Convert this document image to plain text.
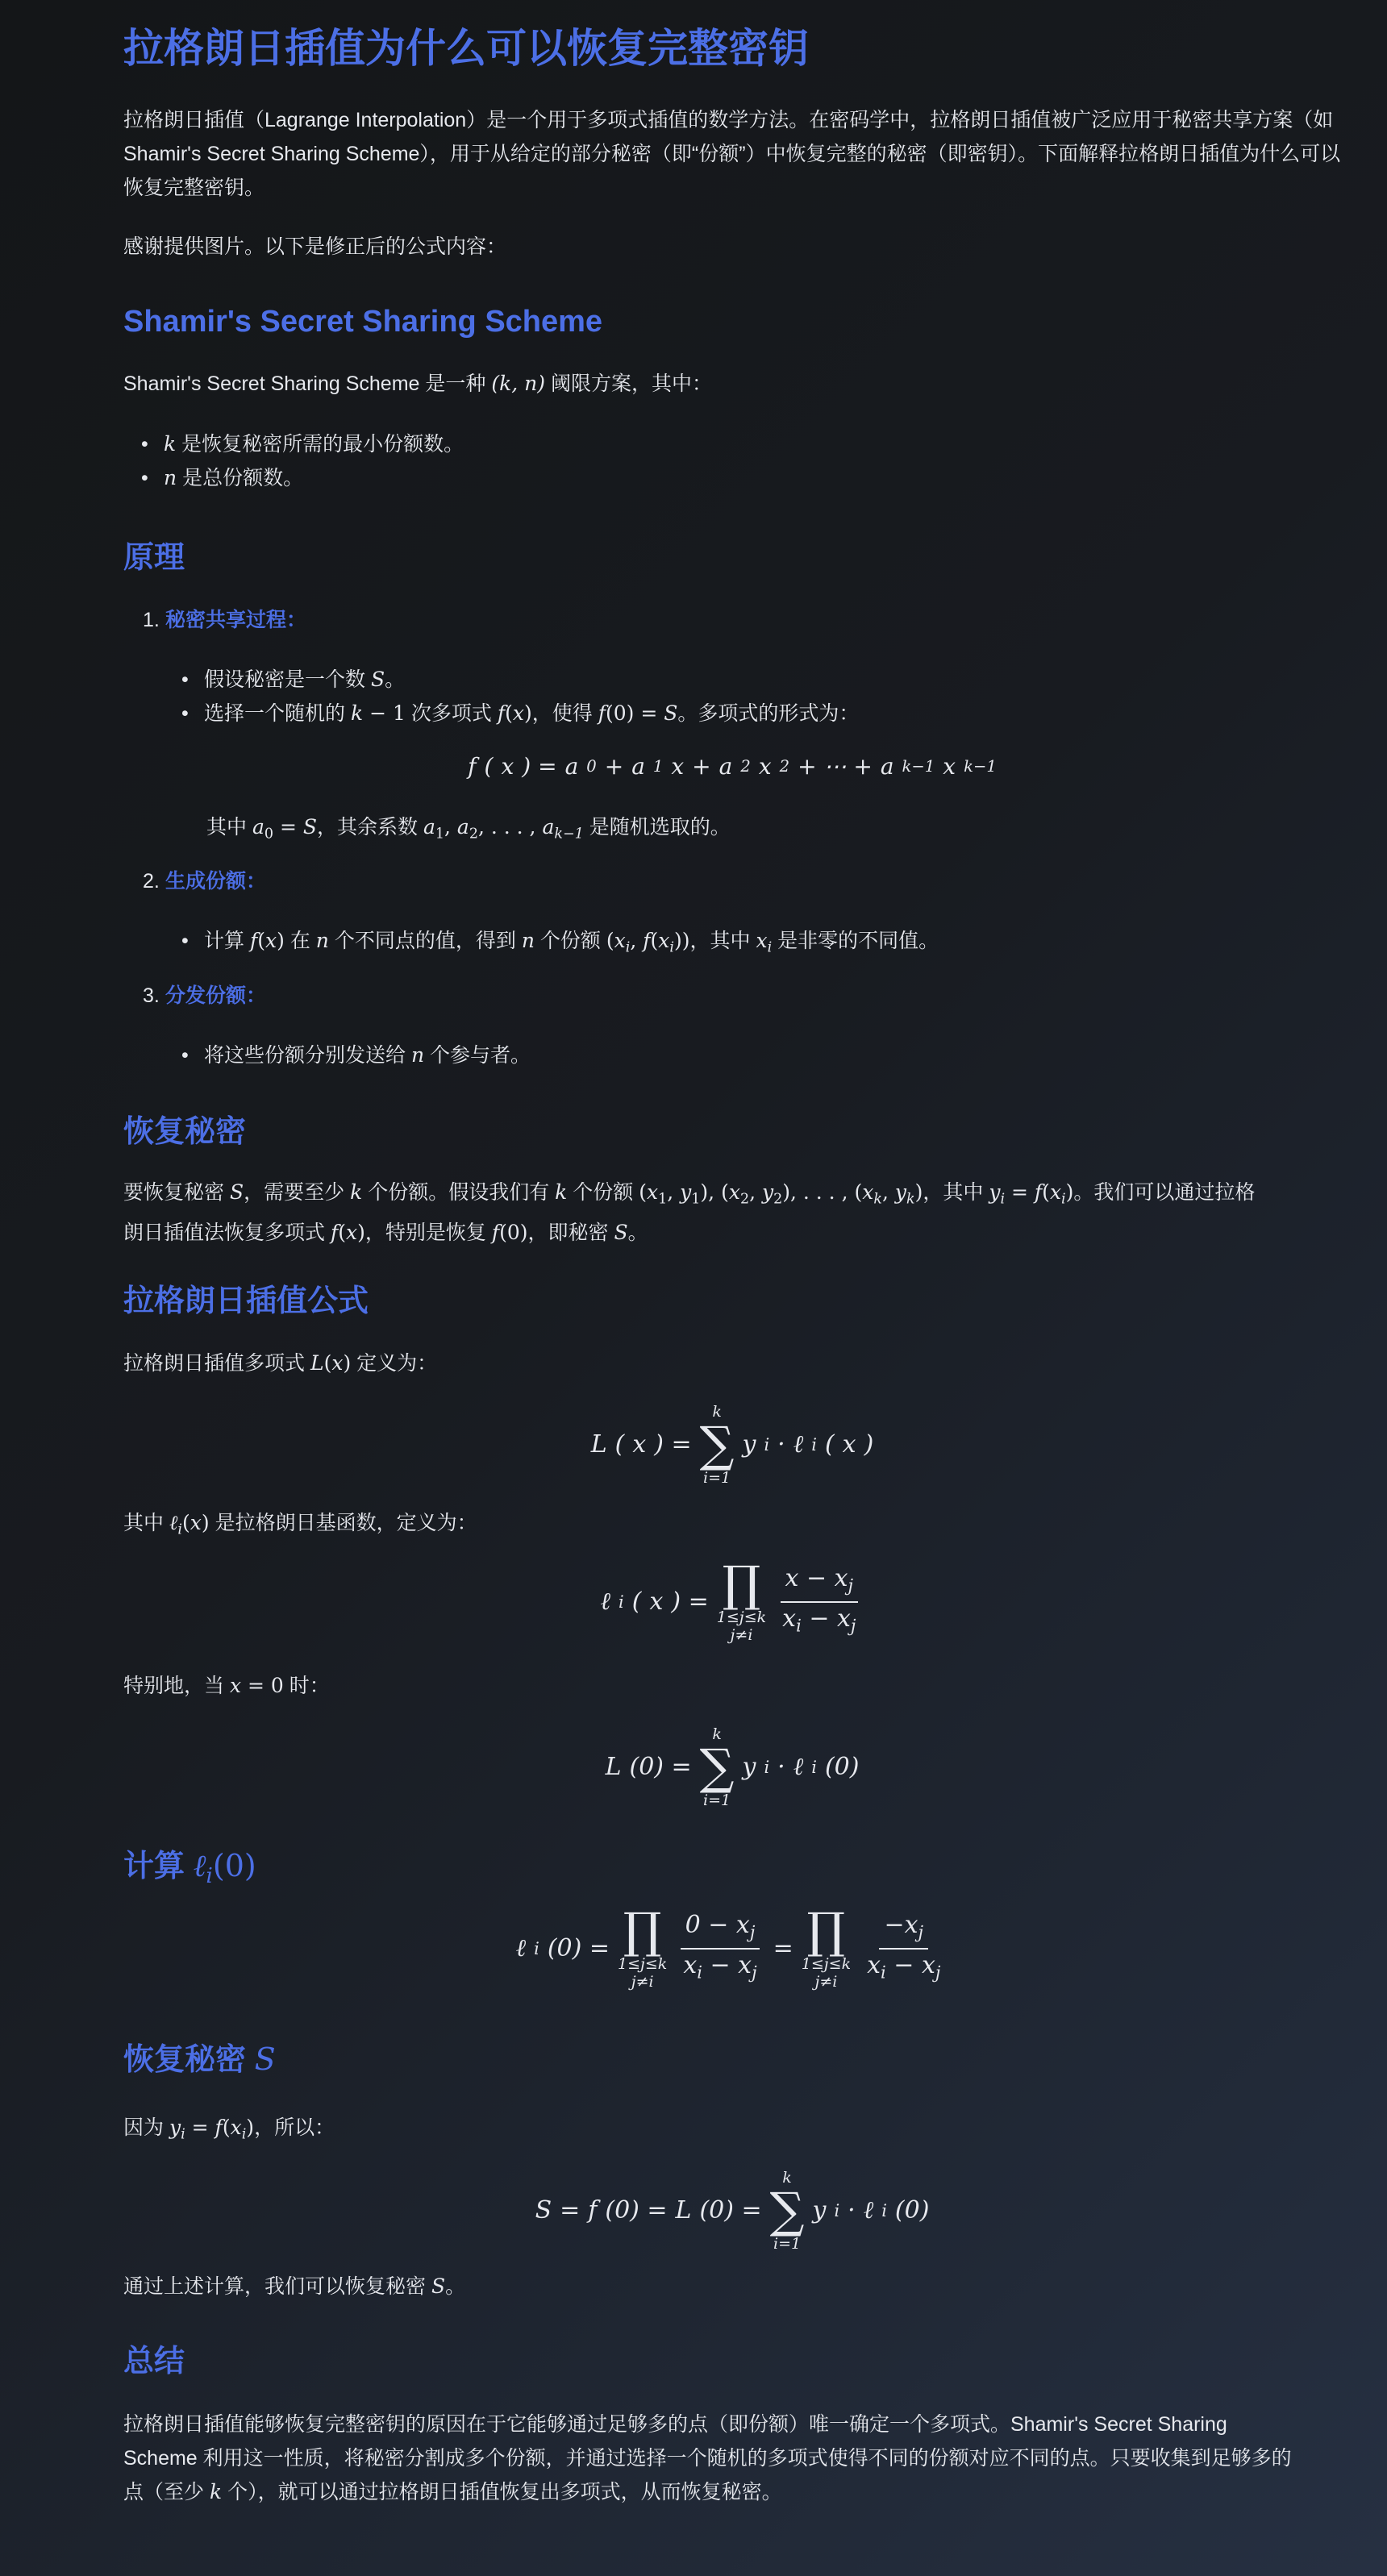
拉格朗日插值为什么可以恢复完整密钥

拉格朗日插值（Lagrange Interpolation）是一个用于多项式插值的数学方法。在密码学中，拉格朗日插值被广泛应用于秘密共享方案（如 Shamir's Secret Sharing Scheme），用于从给定的部分秘密（即“份额”）中恢复完整的秘密（即密钥）。下面解释拉格朗日插值为什么可以恢复完整密钥。

感谢提供图片。以下是修正后的公式内容：

Shamir's Secret Sharing Scheme

Shamir's Secret Sharing Scheme 是一种 (k, n) 阈限方案，其中：

• k 是恢复秘密所需的最小份额数。
• n 是总份额数。
原理
1. 秘密共享过程：
• 假设秘密是一个数 S。
• 选择一个随机的 k − 1 次多项式 f(x)，使得 f(0) = S。多项式的形式为：
f ( x ) = a 0 + a 1 x + a 2 x 2 + ⋯ + a k−1 x k−1

其中 $a_0 = S$，其余系数 $a_1$, $a_2$, . . . , $a_{k-1}$ 是随机选取的。

2. 生成份额：
• 计算 f(x) 在 n 个不同点的值，得到 n 个份额 ($x_i$, $f(x_i)$)，其中 $x_i$ 是非零的不同值。
3. 分发份额：
• 将这些份额分别发送给 n 个参与者。
恢复秘密

要恢复秘密 S，需要至少 k 个份额。假设我们有 k 个份额 ($x_1$, $y_1$), ($x_2$, $y_2$), . . . , ($x_k$, $y_k$)，其中 $y_i = f(x_i)$。我们可以通过拉格
朗日插值法恢复多项式 f(x)，特别是恢复 f(0)，即秘密 S。

拉格朗日插值公式

拉格朗日插值多项式 L(x) 定义为：

L ( x ) =
k
∑
i=1
y i · ℓ i ( x )

其中 ℓ$_i$(x) 是拉格朗日基函数，定义为：

ℓ i ( x ) = ∏
1≤j≤k
$j\ne i \frac{x - x_j}{x_i - x_j}$

特别地，当 x = 0 时：

L (0) =
k
∑
i=1
y i · ℓ i (0)
计算 ℓ$_i$(0)
ℓ i (0) = ∏
1≤j≤k
$j\ne i \frac{0 - x_j}{x_i - x_j}$ = ∏
1≤j≤k
$j\ne i \frac{-x_j}{x_i - x_j}$
恢复秘密 S

因为 $y_i = f(x_i)$，所以：

S = f (0) = L (0) =
k
∑
i=1
y i · ℓ i (0)

通过上述计算，我们可以恢复秘密 S。

总结

拉格朗日插值能够恢复完整密钥的原因在于它能够通过足够多的点（即份额）唯一确定一个多项式。Shamir's Secret Sharing
Scheme 利用这一性质，将秘密分割成多个份额，并通过选择一个随机的多项式使得不同的份额对应不同的点。只要收集到足够多的
点（至少 k 个），就可以通过拉格朗日插值恢复出多项式，从而恢复秘密。
